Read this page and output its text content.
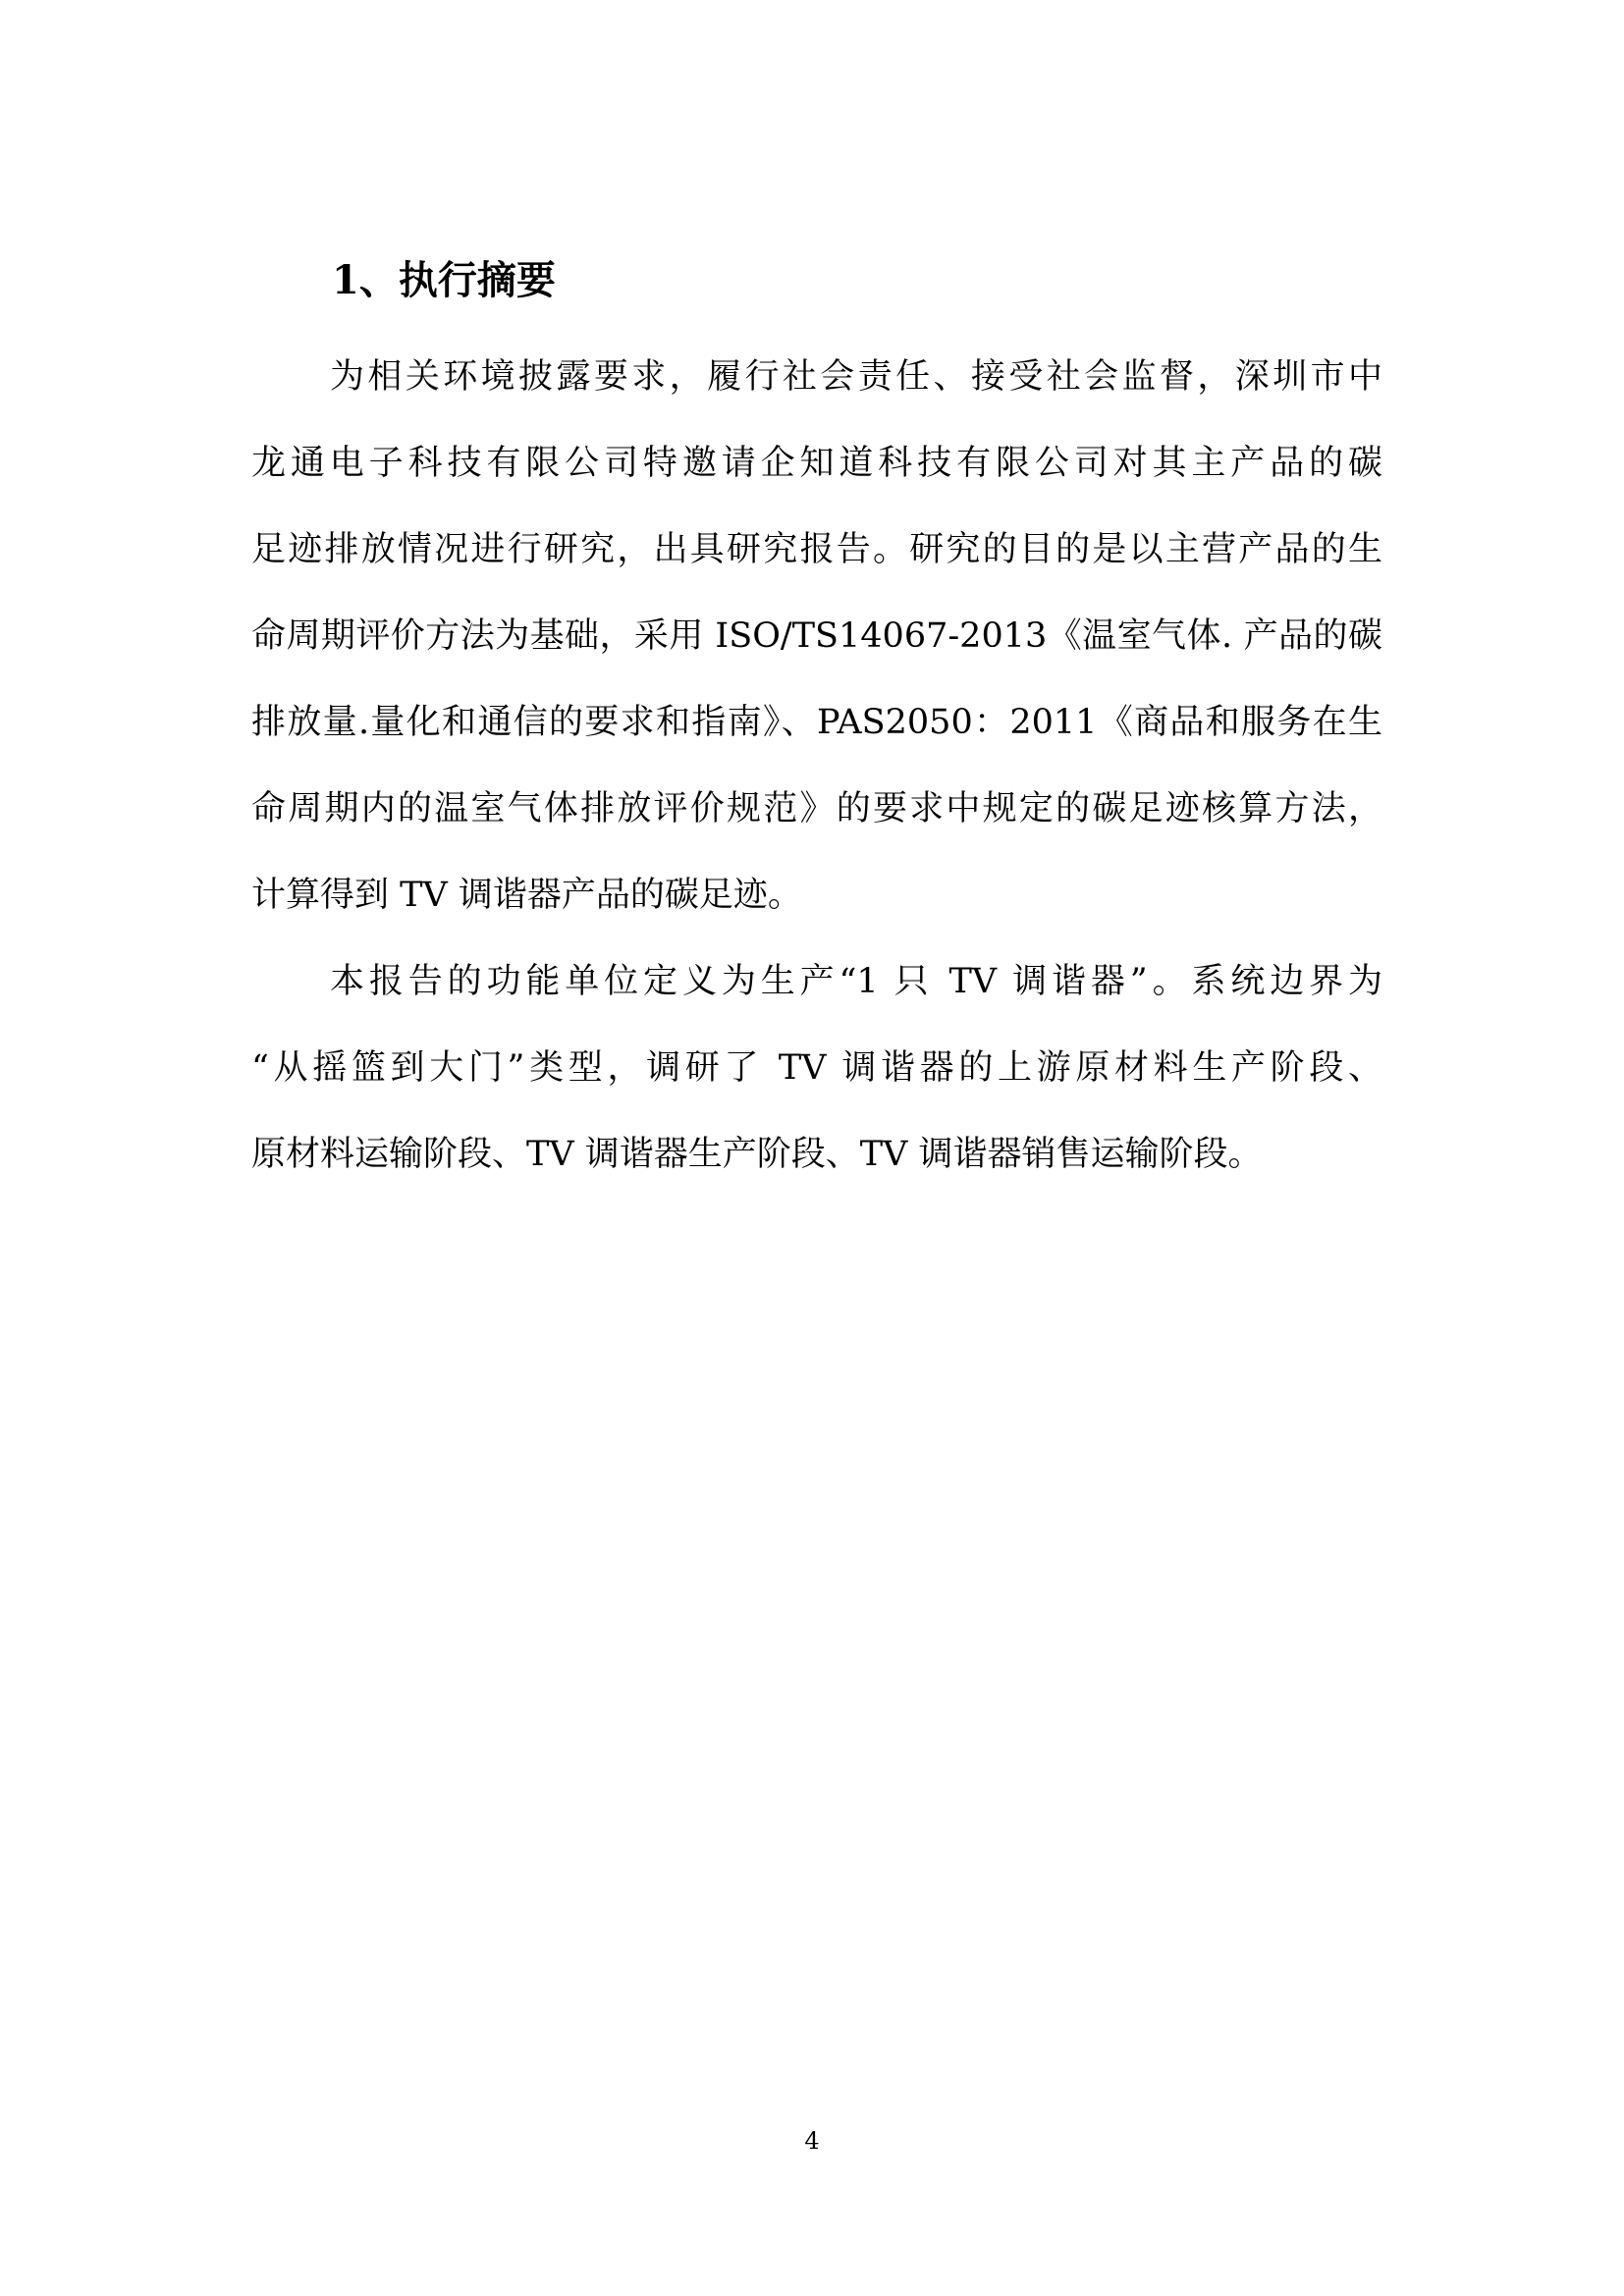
1、执行摘要

为相关环境披露要求，履行社会责任、接受社会监督，深圳市中

龙通电子科技有限公司特邀请企知道科技有限公司对其主产品的碳

足迹排放情况进行研究，出具研究报告。研究的目的是以主营产品的生

命周期评价方法为基础，采用 ISO/TS14067-2013《温室气体. 产品的碳

排放量.量化和通信的要求和指南》、PAS2050：2011《商品和服务在生

命周期内的温室气体排放评价规范》的要求中规定的碳足迹核算方法，

计算得到 TV 调谐器产品的碳足迹。

本报告的功能单位定义为生产“1 只 TV 调谐器”。系统边界为

“从摇篮到大门”类型，调研了 TV 调谐器的上游原材料生产阶段、

原材料运输阶段、TV 调谐器生产阶段、TV 调谐器销售运输阶段。

4
